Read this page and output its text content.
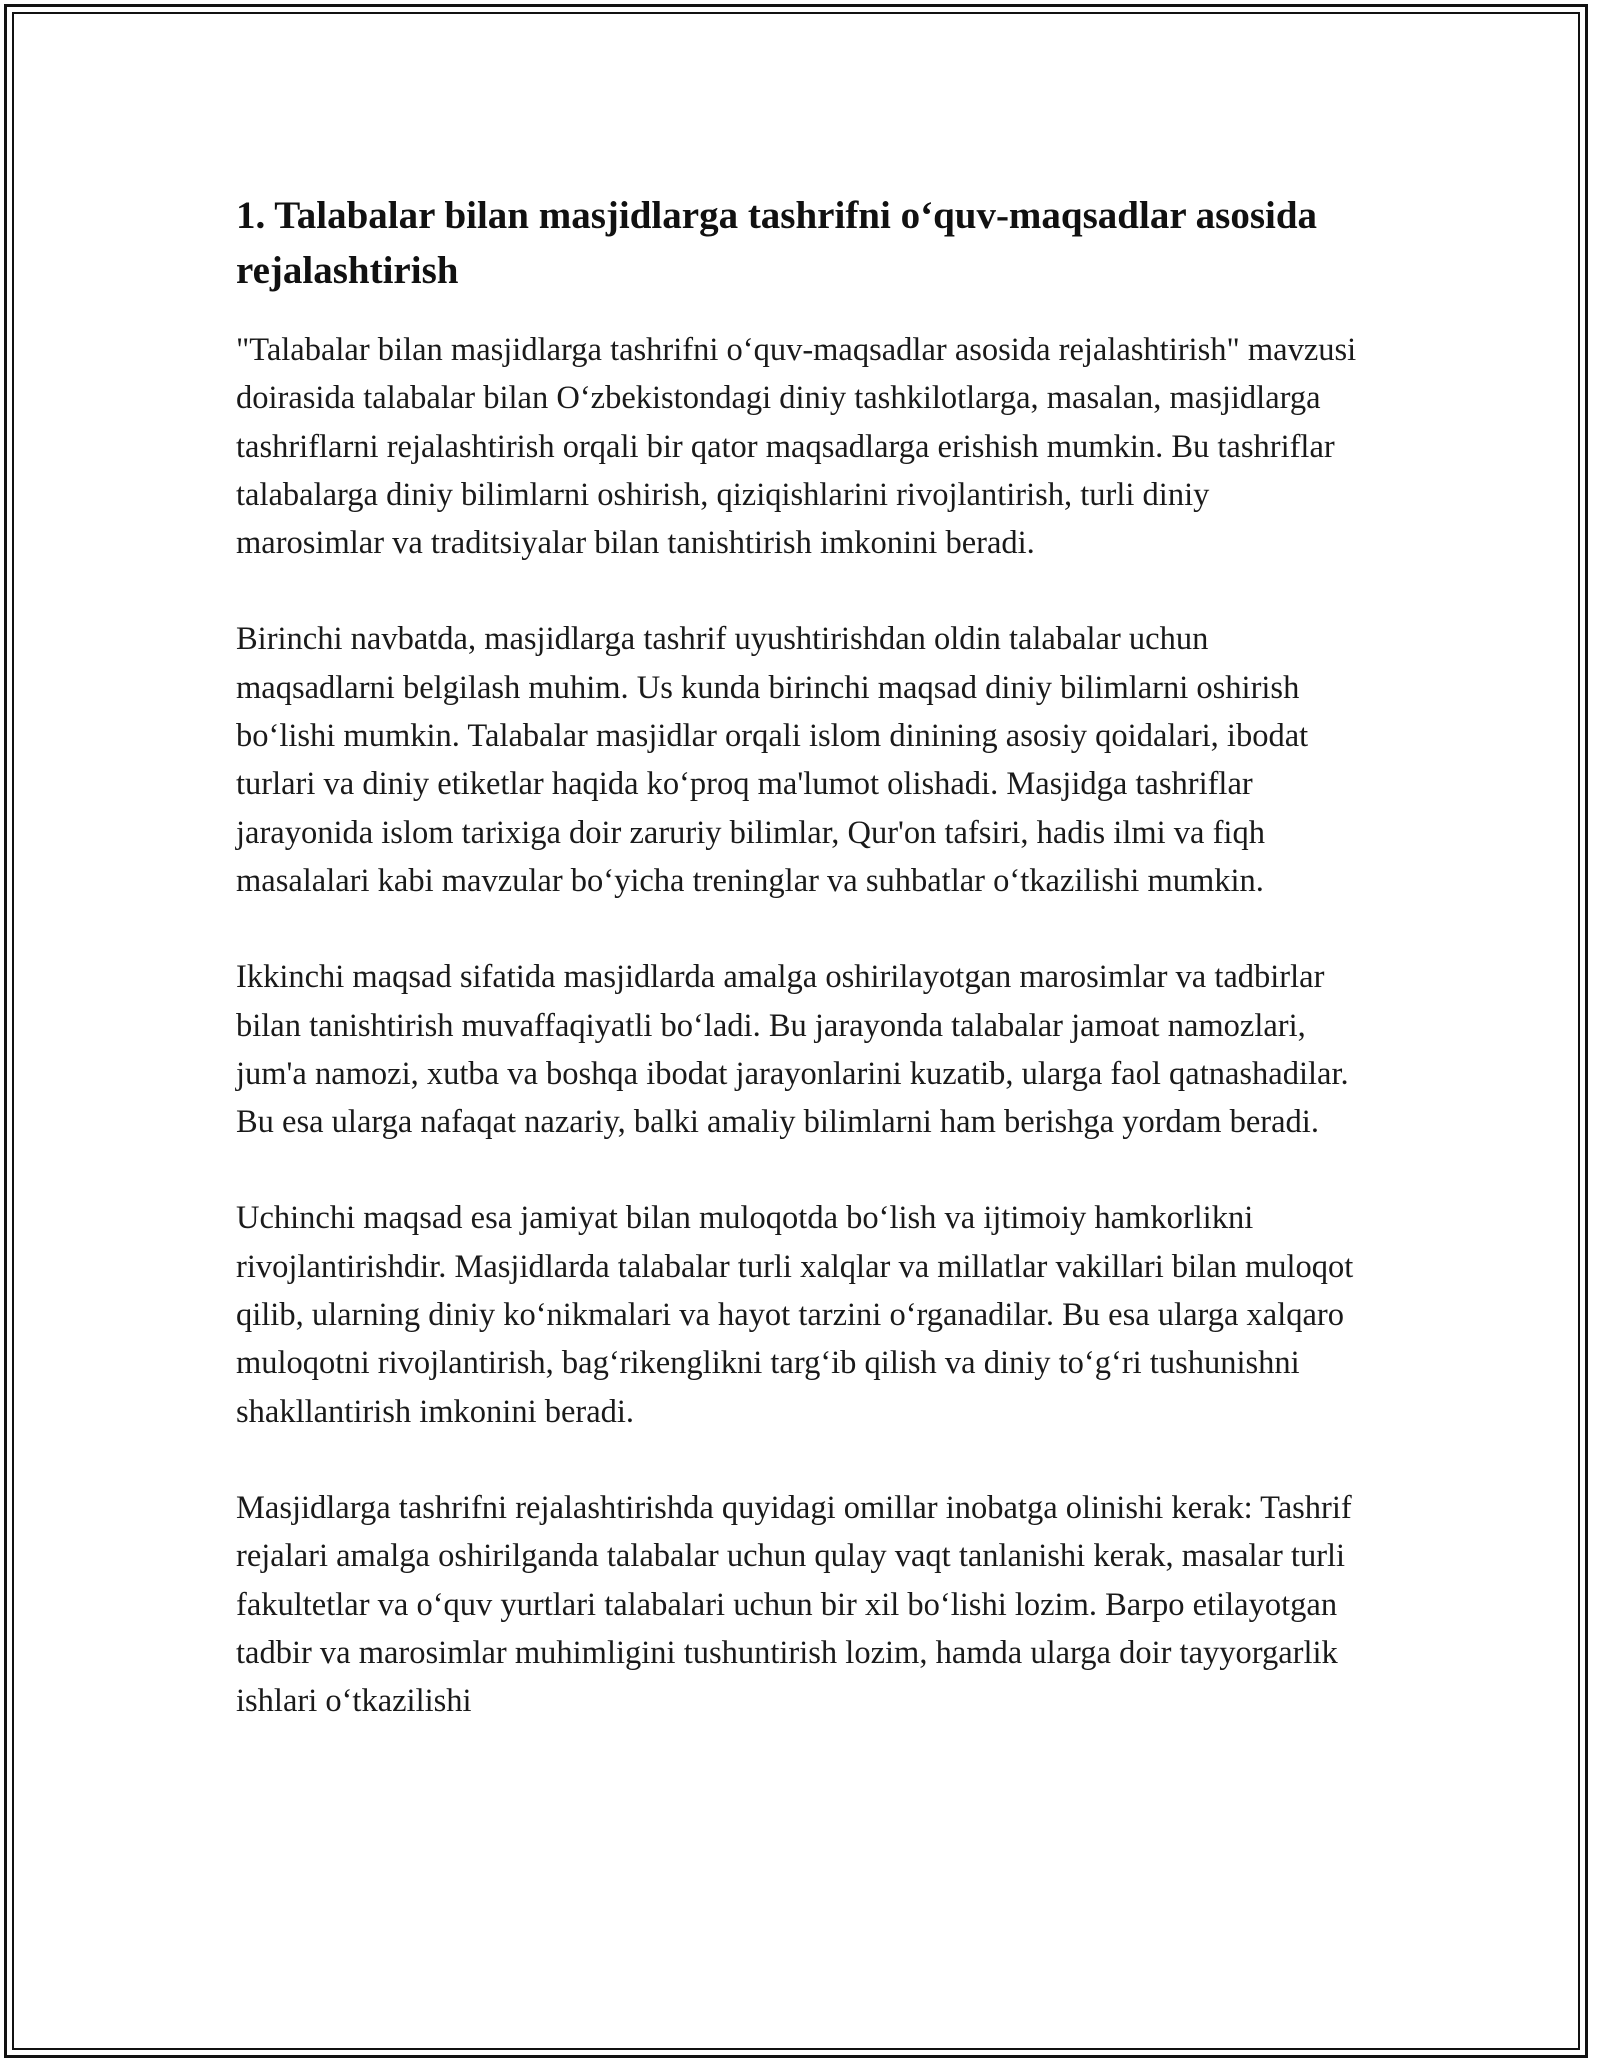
1. Talabalar bilan masjidlarga tashrifni o‘quv-maqsadlar asosida rejalashtirish

"Talabalar bilan masjidlarga tashrifni o‘quv-maqsadlar asosida rejalashtirish" mavzusi doirasida talabalar bilan O‘zbekistondagi diniy tashkilotlarga, masalan, masjidlarga tashriflarni rejalashtirish orqali bir qator maqsadlarga erishish mumkin. Bu tashriflar talabalarga diniy bilimlarni oshirish, qiziqishlarini rivojlantirish, turli diniy marosimlar va traditsiyalar bilan tanishtirish imkonini beradi.

Birinchi navbatda, masjidlarga tashrif uyushtirishdan oldin talabalar uchun maqsadlarni belgilash muhim. Us kunda birinchi maqsad diniy bilimlarni oshirish bo‘lishi mumkin. Talabalar masjidlar orqali islom dinining asosiy qoidalari, ibodat turlari va diniy etiketlar haqida ko‘proq ma'lumot olishadi. Masjidga tashriflar jarayonida islom tarixiga doir zaruriy bilimlar, Qur'on tafsiri, hadis ilmi va fiqh masalalari kabi mavzular bo‘yicha treninglar va suhbatlar o‘tkazilishi mumkin.

Ikkinchi maqsad sifatida masjidlarda amalga oshirilayotgan marosimlar va tadbirlar bilan tanishtirish muvaffaqiyatli bo‘ladi. Bu jarayonda talabalar jamoat namozlari, jum'a namozi, xutba va boshqa ibodat jarayonlarini kuzatib, ularga faol qatnashadilar. Bu esa ularga nafaqat nazariy, balki amaliy bilimlarni ham berishga yordam beradi.

Uchinchi maqsad esa jamiyat bilan muloqotda bo‘lish va ijtimoiy hamkorlikni rivojlantirishdir. Masjidlarda talabalar turli xalqlar va millatlar vakillari bilan muloqot qilib, ularning diniy ko‘nikmalari va hayot tarzini o‘rganadilar. Bu esa ularga xalqaro muloqotni rivojlantirish, bag‘rikenglikni targ‘ib qilish va diniy to‘g‘ri tushunishni shakllantirish imkonini beradi.

Masjidlarga tashrifni rejalashtirishda quyidagi omillar inobatga olinishi kerak: Tashrif rejalari amalga oshirilganda talabalar uchun qulay vaqt tanlanishi kerak, masalar turli fakultetlar va o‘quv yurtlari talabalari uchun bir xil bo‘lishi lozim. Barpo etilayotgan tadbir va marosimlar muhimligini tushuntirish lozim, hamda ularga doir tayyorgarlik ishlari o‘tkazilishi
